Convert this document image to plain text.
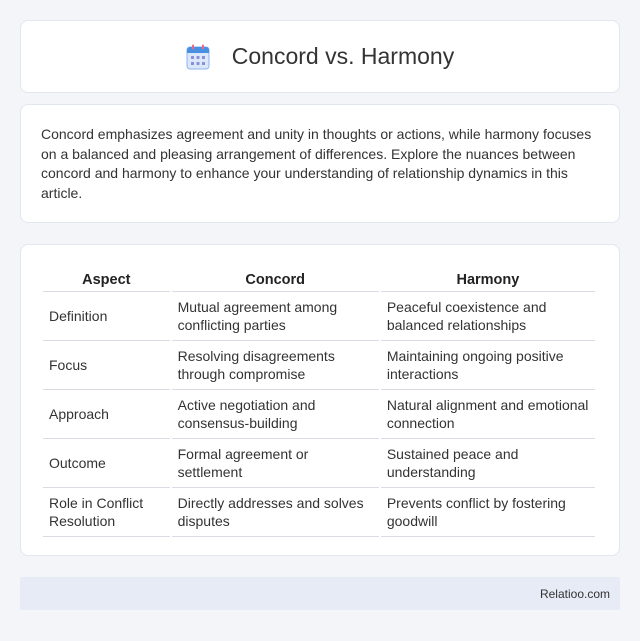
Concord vs. Harmony

Concord emphasizes agreement and unity in thoughts or actions, while harmony focuses on a balanced and pleasing arrangement of differences. Explore the nuances between concord and harmony to enhance your understanding of relationship dynamics in this article.

Aspect	Concord	Harmony
Definition	Mutual agreement among conflicting parties	Peaceful coexistence and balanced relationships
Focus	Resolving disagreements through compromise	Maintaining ongoing positive interactions
Approach	Active negotiation and consensus-building	Natural alignment and emotional connection
Outcome	Formal agreement or settlement	Sustained peace and understanding
Role in Conflict Resolution	Directly addresses and solves disputes	Prevents conflict by fostering goodwill
Relatioo.com
